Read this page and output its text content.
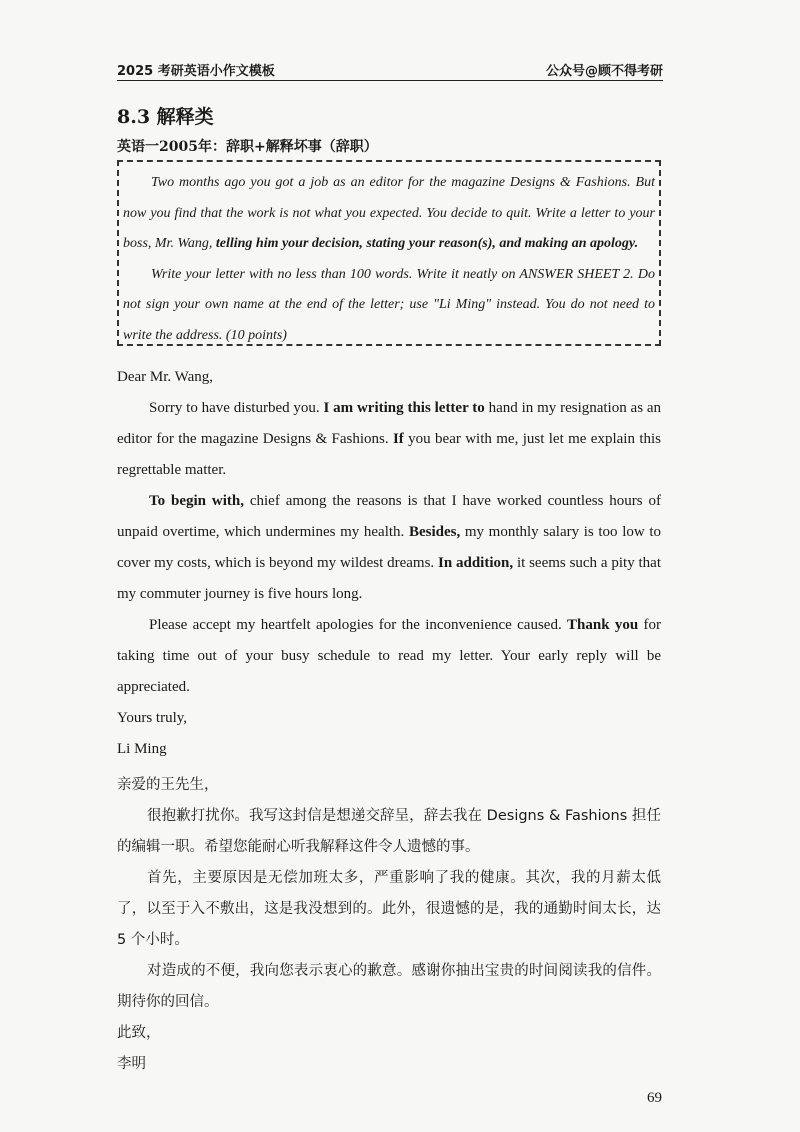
2025 考研英语小作文模板	公众号@顾不得考研
8.3 解释类
英语一2005年：辞职+解释坏事（辞职）

Two months ago you got a job as an editor for the magazine Designs & Fashions. But now you find that the work is not what you expected. You decide to quit. Write a letter to your boss, Mr. Wang, telling him your decision, stating your reason(s), and making an apology.

Write your letter with no less than 100 words. Write it neatly on ANSWER SHEET 2. Do not sign your own name at the end of the letter; use "Li Ming" instead. You do not need to write the address. (10 points)

Dear Mr. Wang,

Sorry to have disturbed you. I am writing this letter to hand in my resignation as an editor for the magazine Designs & Fashions. If you bear with me, just let me explain this regrettable matter.

To begin with, chief among the reasons is that I have worked countless hours of unpaid overtime, which undermines my health. Besides, my monthly salary is too low to cover my costs, which is beyond my wildest dreams. In addition, it seems such a pity that my commuter journey is five hours long.

Please accept my heartfelt apologies for the inconvenience caused. Thank you for taking time out of your busy schedule to read my letter. Your early reply will be appreciated.

Yours truly,

Li Ming

亲爱的王先生，

很抱歉打扰你。我写这封信是想递交辞呈，辞去我在 Designs & Fashions 担任的编辑一职。希望您能耐心听我解释这件令人遗憾的事。

首先，主要原因是无偿加班太多，严重影响了我的健康。其次，我的月薪太低了，以至于入不敷出，这是我没想到的。此外，很遗憾的是，我的通勤时间太长，达 5 个小时。

对造成的不便，我向您表示衷心的歉意。感谢你抽出宝贵的时间阅读我的信件。期待你的回信。

此致，

李明

69
